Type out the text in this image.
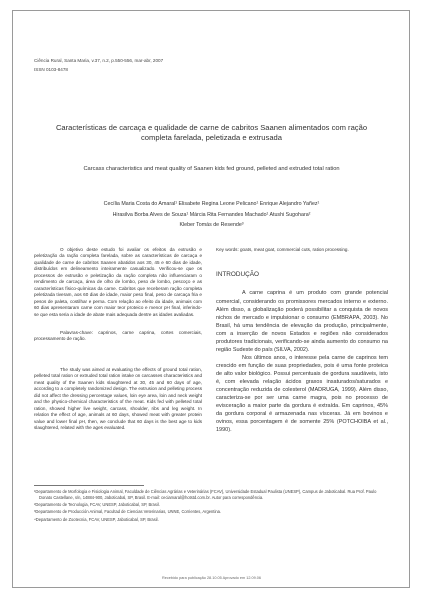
Ciência Rural, Santa Maria, v.37, n.2, p.550-556, mar-abr, 2007
ISSN 0103-8478
Características de carcaça e qualidade de carne de cabritos Saanen alimentados com ração completa farelada, peletizada e extrusada
Carcass characteristics and meat quality of Saanen kids fed ground, pelleted and extruded total ration
Cecília Maria Costa do Amaral¹ Elisabete Regina Leone Pelicano¹ Enrique Alejandro Yañez¹
Hirasilva Borba Alves de Souza¹ Márcia Rita Fernandes Machado¹ Atushi Sugohara²
Kleber Tomás de Resende³

O objetivo deste estudo foi avaliar os efeitos da extrusão e peletização da ração completa farelada, sobre as características de carcaça e qualidade de carne de cabritos Saanen abatidos aos 30, 45 e 60 dias de idade, distribuídos em delineamento inteiramente casualizado. Verificou-se que os processos de extrusão e peletização da ração completa não influenciaram o rendimento de carcaça, área de olho de lombo, peso de lombo, pescoço e as características físico-químicas da carne. Cabritos que receberam ração completa peletizada tiveram, aos 60 dias de idade, maior peso final, peso de carcaça fria e pesos de paleta, costilhar e perna. Com relação ao efeito da idade, animais com 60 dias apresentaram carne com maior teor proteico e menor pH final, inferindo-se que esta seria a idade de abate mais adequada dentre as idades avaliadas.

Palavras-chave: caprinos, carne caprina, cortes comerciais, processamento de ração.

The study was aimed at evaluating the effects of ground total ration, pelleted total ration or extruded total ration intake on carcasses characteristics and meat quality of the Saanen kids slaughtered at 30, 45 and 60 days of age, according to a completely randomized design. The extrusion and pelleting process did not affect the dressing percentage values, loin eye area, loin and neck weight and the physico-chemical characteristics of the meat. Kids fed with pelleted total ration, showed higher live weight, carcass, shoulder, ribs and leg weight. In relation the effect of age, animals at 60 days, showed meat with greater protein value and lower final pH, then, we conclude that 60 days is the best age to kids slaughtered, related with the ages evaluated.

Key words: goats, meat goat, commercial cuts, ration processing.

INTRODUÇÃO

A carne caprina é um produto com grande potencial comercial, considerando os promissores mercados interno e externo. Além disso, a globalização poderá possibilitar a conquista de novos nichos de mercado e impulsionar o consumo (EMBRAPA, 2003). No Brasil, há uma tendência de elevação da produção, principalmente, com a inserção de novos Estados e regiões não considerados produtores tradicionais, verificando-se ainda aumento do consumo na região Sudeste do país (SILVA, 2002).

Nos últimos anos, o interesse pela carne de caprinos tem crescido em função de suas propriedades, pois é uma fonte proteica de alto valor biológico. Possui percentuais de gordura saudáveis, isto é, com elevada relação ácidos graxos insaturados/saturados e concentração reduzida de colesterol (MADRUGA, 1999). Além disso, caracteriza-se por ser uma carne magra, pois no processo de evisceração a maior parte da gordura é extraída. Em caprinos, 45% da gordura corporal é armazenada nas vísceras. Já em bovinos e ovinos, essa porcentagem é de somente 25% (POTCHOIBA et al., 1990).

¹Departamento de Morfologia e Fisiologia Animal, Faculdade de Ciências Agrárias e Veterinárias (FCAV), Universidade Estadual Paulista (UNESP), Campus de Jaboticabal. Rua Prof. Paulo Donato Castellane, s/n, 14884-900, Jaboticabal, SP, Brasil. E-mail: ceciamaral@hotstd.com.br. Autor para correspondência.

²Departamento de Tecnologia, FCAV, UNESP, Jaboticabal, SP, Brasil.

³Departamento de Producción Animal, Facultad de Ciencias Veterinarias, UNNE, Corrientes, Argentina.

⁴Departamento de Zootecnia, FCAV, UNESP, Jaboticabal, SP, Brasil.

Recebido para publicação 28.10.05 Aprovado em 12.09.06
